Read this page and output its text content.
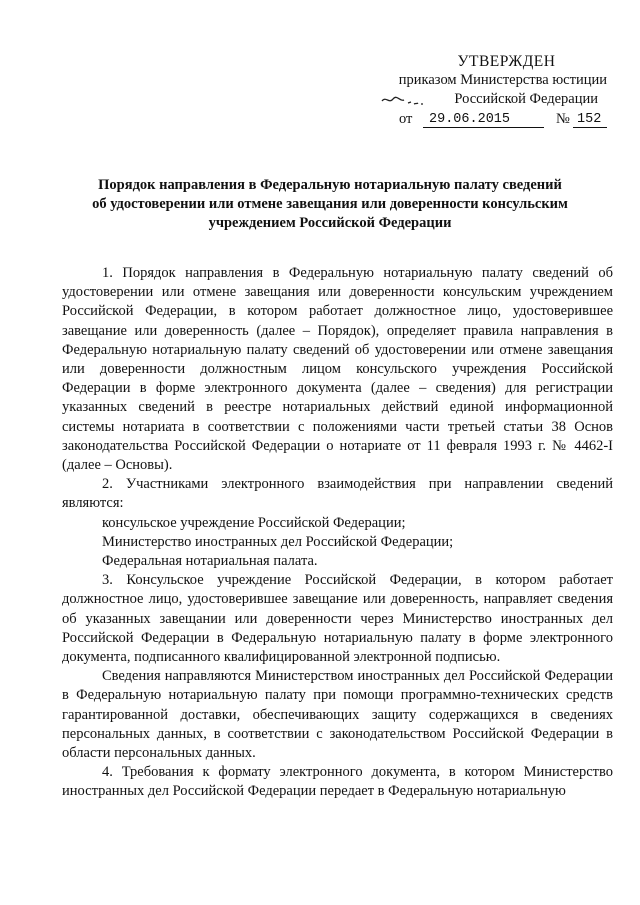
УТВЕРЖДЕН
приказом Министерства юстиции
Российской Федерации
от 29.06.2015	№ 152
Порядок направления в Федеральную нотариальную палату сведений
об удостоверении или отмене завещания или доверенности консульским
учреждением Российской Федерации

1. Порядок направления в Федеральную нотариальную палату сведений об удостоверении или отмене завещания или доверенности консульским учреждением Российской Федерации, в котором работает должностное лицо, удостоверившее завещание или доверенность (далее – Порядок), определяет правила направления в Федеральную нотариальную палату сведений об удостоверении или отмене завещания или доверенности должностным лицом консульского учреждения Российской Федерации в форме электронного документа (далее – сведения) для регистрации указанных сведений в реестре нотариальных действий единой информационной системы нотариата в соответствии с положениями части третьей статьи 38 Основ законодательства Российской Федерации о нотариате от 11 февраля 1993 г. № 4462-I (далее – Основы).

2. Участниками электронного взаимодействия при направлении сведений являются:

консульское учреждение Российской Федерации;

Министерство иностранных дел Российской Федерации;

Федеральная нотариальная палата.

3. Консульское учреждение Российской Федерации, в котором работает должностное лицо, удостоверившее завещание или доверенность, направляет сведения об указанных завещании или доверенности через Министерство иностранных дел Российской Федерации в Федеральную нотариальную палату в форме электронного документа, подписанного квалифицированной электронной подписью.

Сведения направляются Министерством иностранных дел Российской Федерации в Федеральную нотариальную палату при помощи программно-технических средств гарантированной доставки, обеспечивающих защиту содержащихся в сведениях персональных данных, в соответствии с законодательством Российской Федерации в области персональных данных.

4. Требования к формату электронного документа, в котором Министерство иностранных дел Российской Федерации передает в Федеральную нотариальную
